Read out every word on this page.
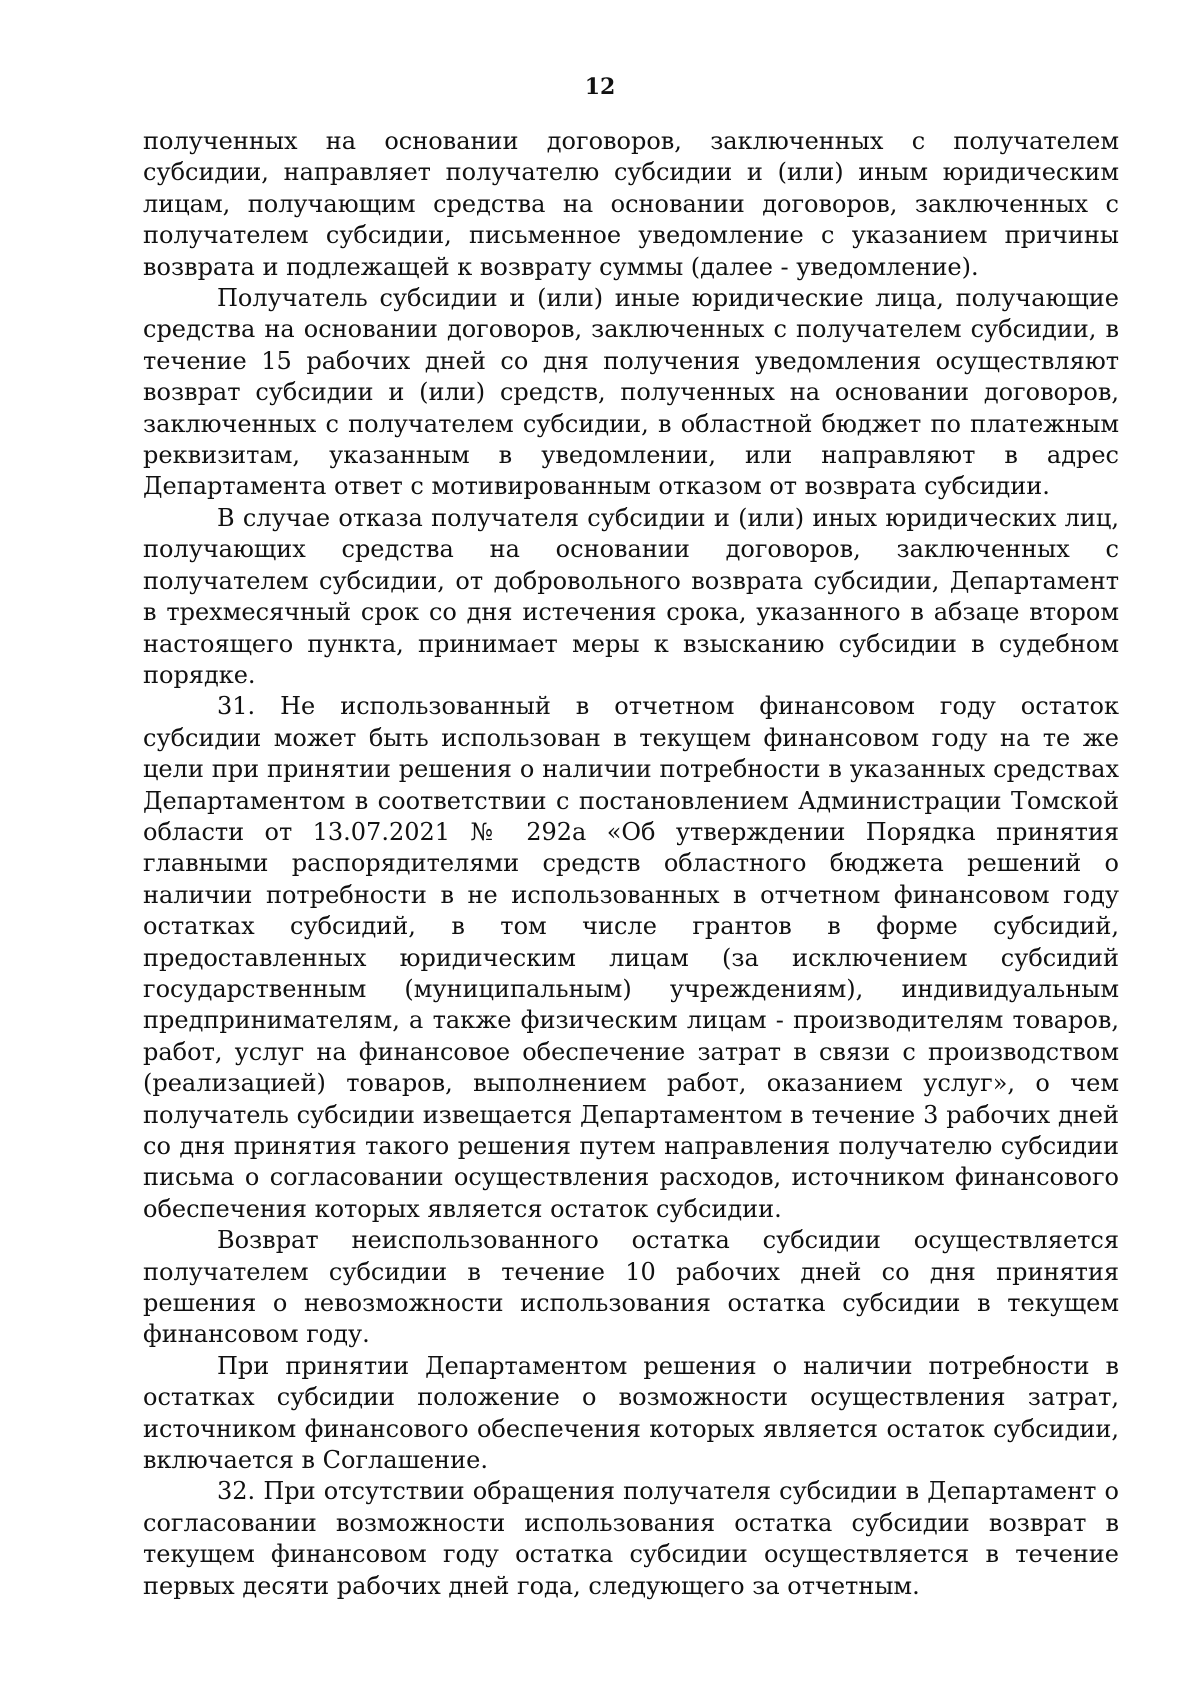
12

полученных на основании договоров, заключенных с получателем субсидии, направляет получателю субсидии и (или) иным юридическим лицам, получающим средства на основании договоров, заключенных с получателем субсидии, письменное уведомление с указанием причины возврата и подлежащей к возврату суммы (далее - уведомление).

Получатель субсидии и (или) иные юридические лица, получающие средства на основании договоров, заключенных с получателем субсидии, в течение 15 рабочих дней со дня получения уведомления осуществляют возврат субсидии и (или) средств, полученных на основании договоров, заключенных с получателем субсидии, в областной бюджет по платежным реквизитам, указанным в уведомлении, или направляют в адрес Департамента ответ с мотивированным отказом от возврата субсидии.

В случае отказа получателя субсидии и (или) иных юридических лиц, получающих средства на основании договоров, заключенных с получателем субсидии, от добровольного возврата субсидии, Департамент в трехмесячный срок со дня истечения срока, указанного в абзаце втором настоящего пункта, принимает меры к взысканию субсидии в судебном порядке.

31. Не использованный в отчетном финансовом году остаток субсидии может быть использован в текущем финансовом году на те же цели при принятии решения о наличии потребности в указанных средствах Департаментом в соответствии с постановлением Администрации Томской области от 13.07.2021 № 292а «Об утверждении Порядка принятия главными распорядителями средств областного бюджета решений о наличии потребности в не использованных в отчетном финансовом году остатках субсидий, в том числе грантов в форме субсидий, предоставленных юридическим лицам (за исключением субсидий государственным (муниципальным) учреждениям), индивидуальным предпринимателям, а также физическим лицам - производителям товаров, работ, услуг на финансовое обеспечение затрат в связи с производством (реализацией) товаров, выполнением работ, оказанием услуг», о чем получатель субсидии извещается Департаментом в течение 3 рабочих дней со дня принятия такого решения путем направления получателю субсидии письма о согласовании осуществления расходов, источником финансового обеспечения которых является остаток субсидии.

Возврат неиспользованного остатка субсидии осуществляется получателем субсидии в течение 10 рабочих дней со дня принятия решения о невозможности использования остатка субсидии в текущем финансовом году.

При принятии Департаментом решения о наличии потребности в остатках субсидии положение о возможности осуществления затрат, источником финансового обеспечения которых является остаток субсидии, включается в Соглашение.

32. При отсутствии обращения получателя субсидии в Департамент о согласовании возможности использования остатка субсидии возврат в текущем финансовом году остатка субсидии осуществляется в течение первых десяти рабочих дней года, следующего за отчетным.
